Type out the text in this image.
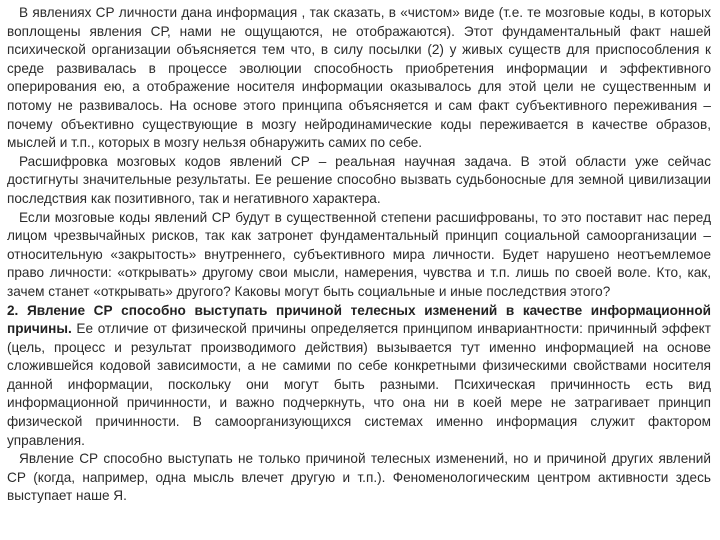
В явлениях СР личности дана информация , так сказать, в «чистом» виде (т.е. те мозговые коды, в которых воплощены явления СР, нами не ощущаются, не отображаются). Этот фундаментальный факт нашей психической организации объясняется тем что, в силу посылки (2) у живых существ для приспособления к среде развивалась в процессе эволюции способность приобретения информации и эффективного оперирования ею, а отображение носителя информации оказывалось для этой цели не существенным и потому не развивалось. На основе этого принципа объясняется и сам факт субъективного переживания – почему объективно существующие в мозгу нейродинамические коды переживается в качестве образов, мыслей и т.п., которых в мозгу нельзя обнаружить самих по себе.

Расшифровка мозговых кодов явлений СР – реальная научная задача. В этой области уже сейчас достигнуты значительные результаты. Ее решение способно вызвать судьбоносные для земной цивилизации последствия как позитивного, так и негативного характера.

Если мозговые коды явлений СР будут в существенной степени расшифрованы, то это поставит нас перед лицом чрезвычайных рисков, так как затронет фундаментальный принцип социальной самоорганизации – относительную «закрытость» внутреннего, субъективного мира личности. Будет нарушено неотъемлемое право личности: «открывать» другому свои мысли, намерения, чувства и т.п. лишь по своей воле. Кто, как, зачем станет «открывать» другого? Каковы могут быть социальные и иные последствия этого?

2. Явление СР способно выступать причиной телесных изменений в качестве информационной причины. Ее отличие от физической причины определяется принципом инвариантности: причинный эффект (цель, процесс и результат производимого действия) вызывается тут именно информацией на основе сложившейся кодовой зависимости, а не самими по себе конкретными физическими свойствами носителя данной информации, поскольку они могут быть разными. Психическая причинность есть вид информационной причинности, и важно подчеркнуть, что она ни в коей мере не затрагивает принцип физической причинности. В самоорганизующихся системах именно информация служит фактором управления.

Явление СР способно выступать не только причиной телесных изменений, но и причиной других явлений СР (когда, например, одна мысль влечет другую и т.п.). Феноменологическим центром активности здесь выступает наше Я.
